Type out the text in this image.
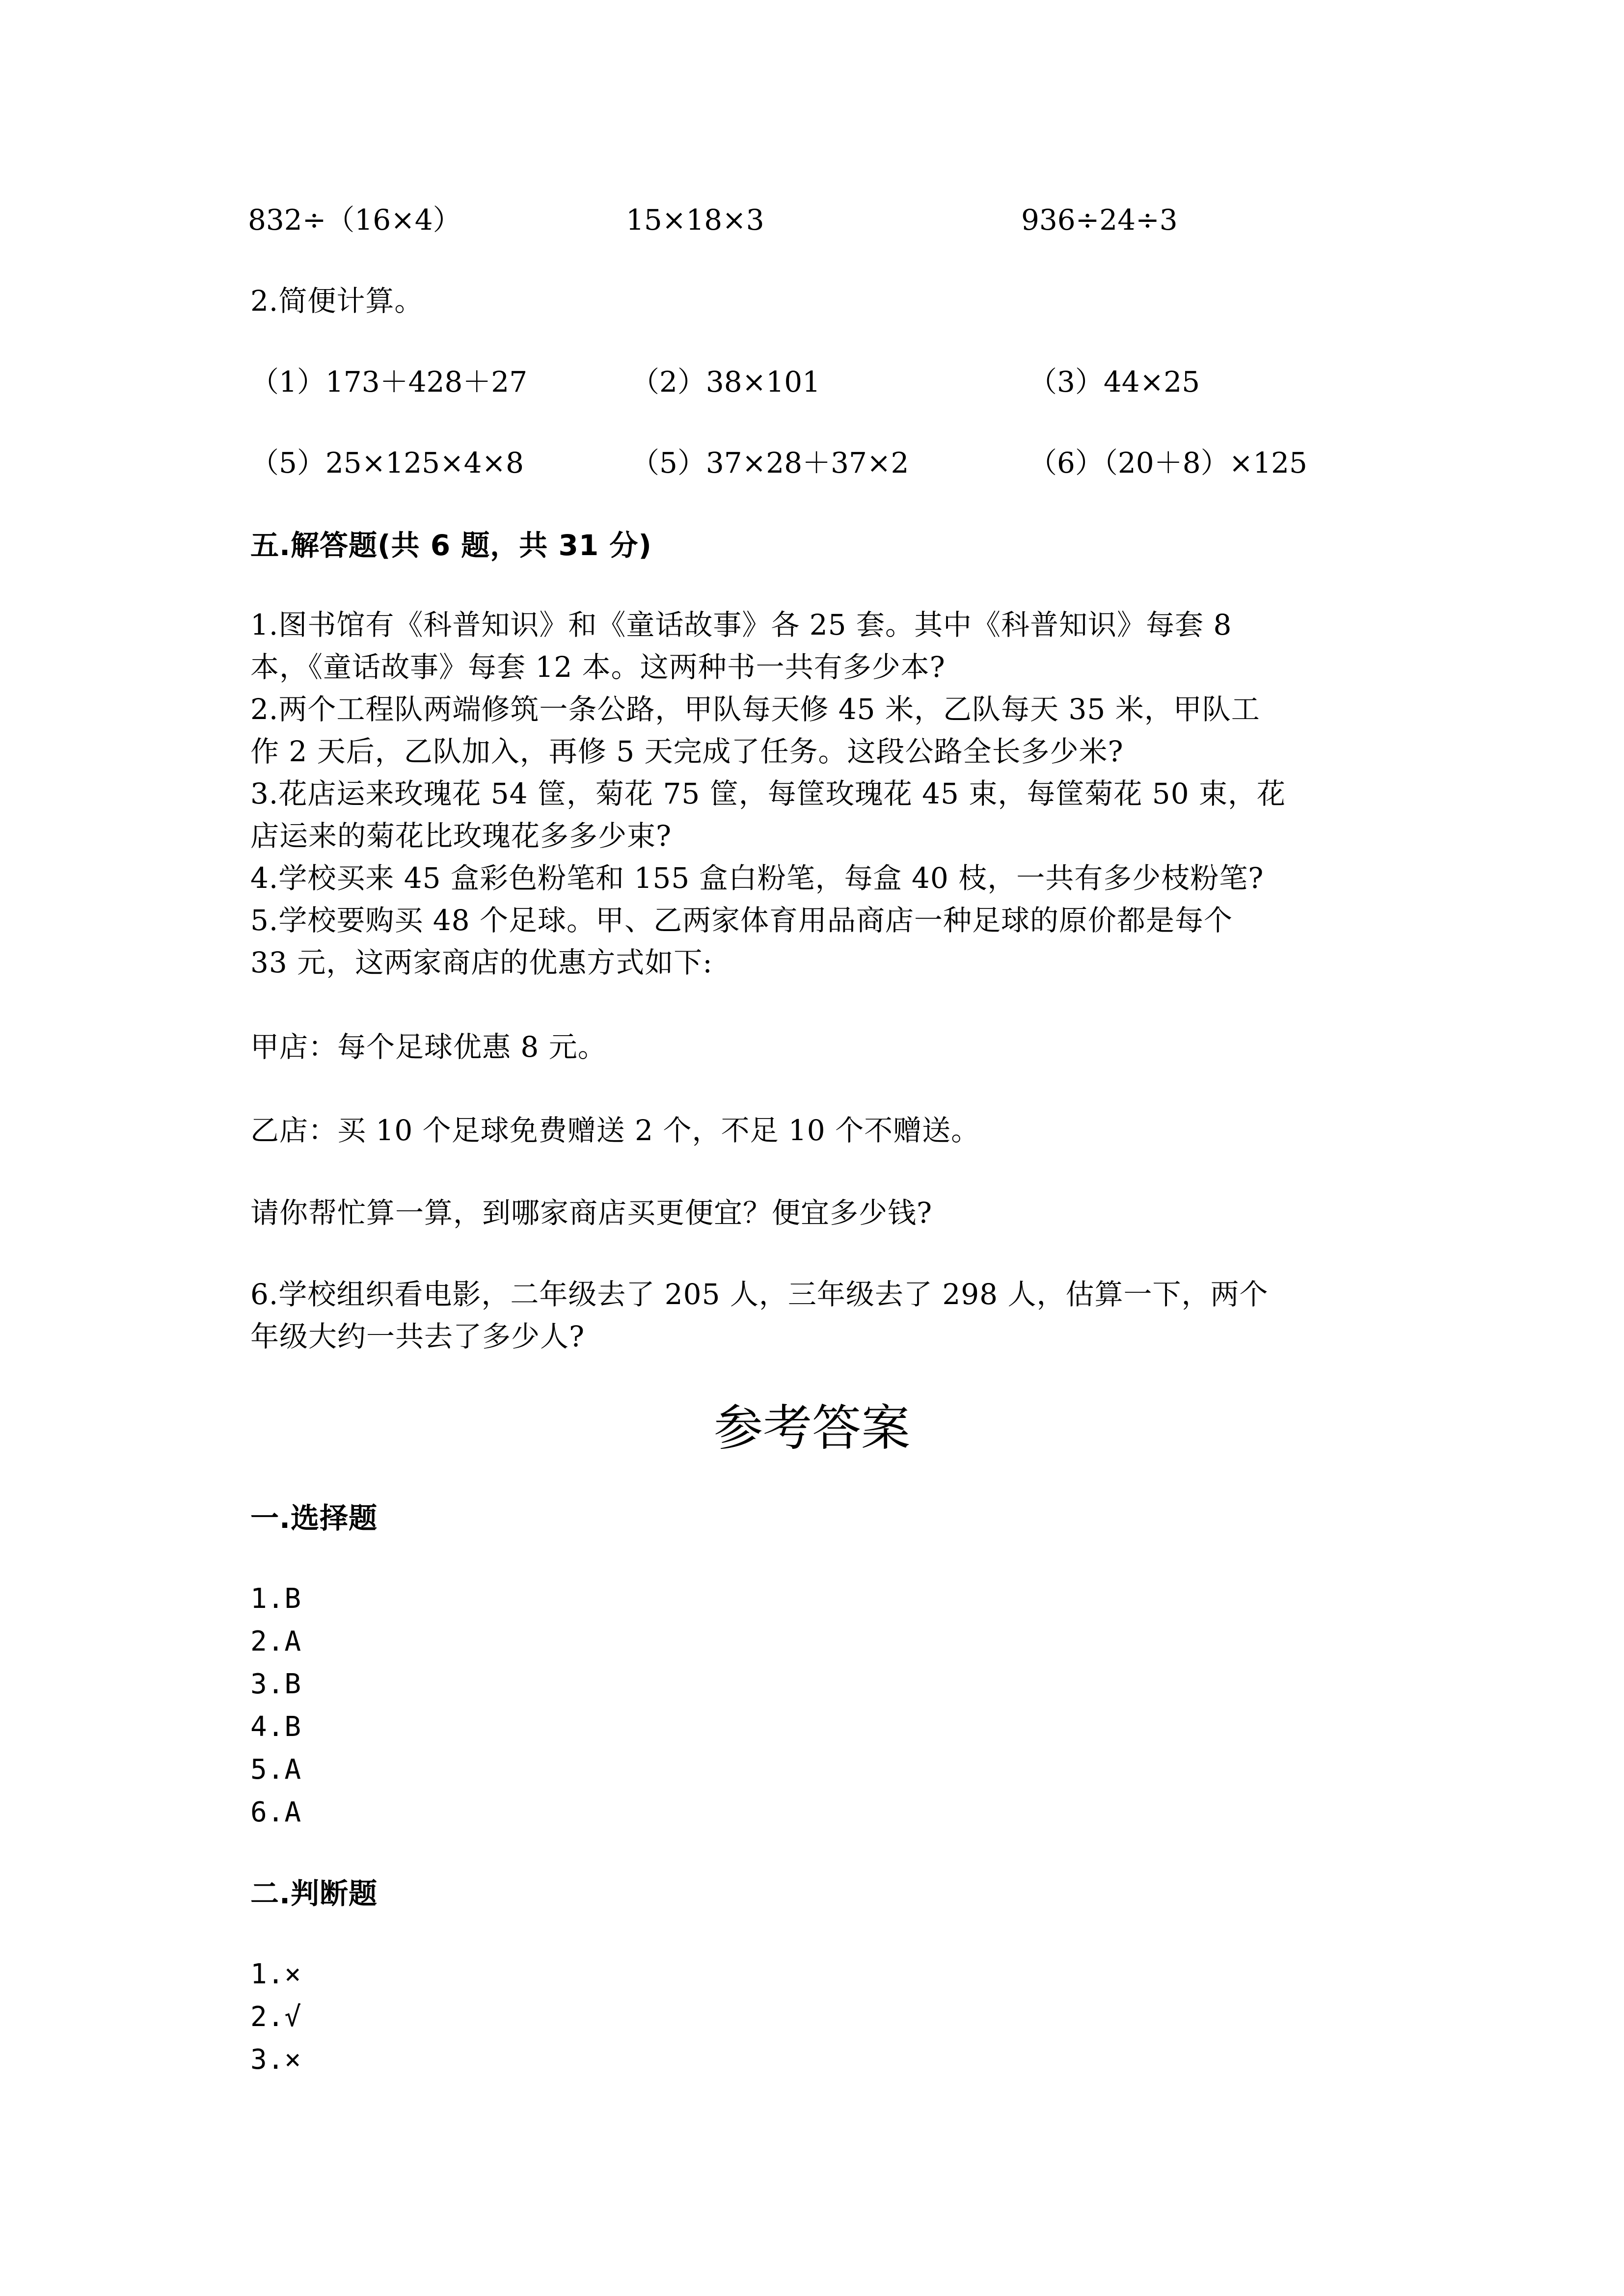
832÷（16×4）	15×18×3	936÷24÷3
2.简便计算。
（1）173＋428＋27	（2）38×101	（3）44×25
（5）25×125×4×8	（5）37×28＋37×2	（6）（20＋8）×125
五.解答题(共 6 题，共 31 分)
1.图书馆有《科普知识》和《童话故事》各 25 套。其中《科普知识》每套 8
本，《童话故事》每套 12 本。这两种书一共有多少本?
2.两个工程队两端修筑一条公路，甲队每天修 45 米，乙队每天 35 米，甲队工
作 2 天后，乙队加入，再修 5 天完成了任务。这段公路全长多少米?
3.花店运来玫瑰花 54 筐，菊花 75 筐，每筐玫瑰花 45 束，每筐菊花 50 束，花
店运来的菊花比玫瑰花多多少束?
4.学校买来 45 盒彩色粉笔和 155 盒白粉笔，每盒 40 枝，一共有多少枝粉笔?
5.学校要购买 48 个足球。甲、乙两家体育用品商店一种足球的原价都是每个
33 元，这两家商店的优惠方式如下:
甲店：每个足球优惠 8 元。
乙店：买 10 个足球免费赠送 2 个，不足 10 个不赠送。
请你帮忙算一算，到哪家商店买更便宜？便宜多少钱?
6.学校组织看电影，二年级去了 205 人，三年级去了 298 人，估算一下，两个
年级大约一共去了多少人?
参考答案
一.选择题
1.B
2.A
3.B
4.B
5.A
6.A
二.判断题
1.×
2.√
3.×
